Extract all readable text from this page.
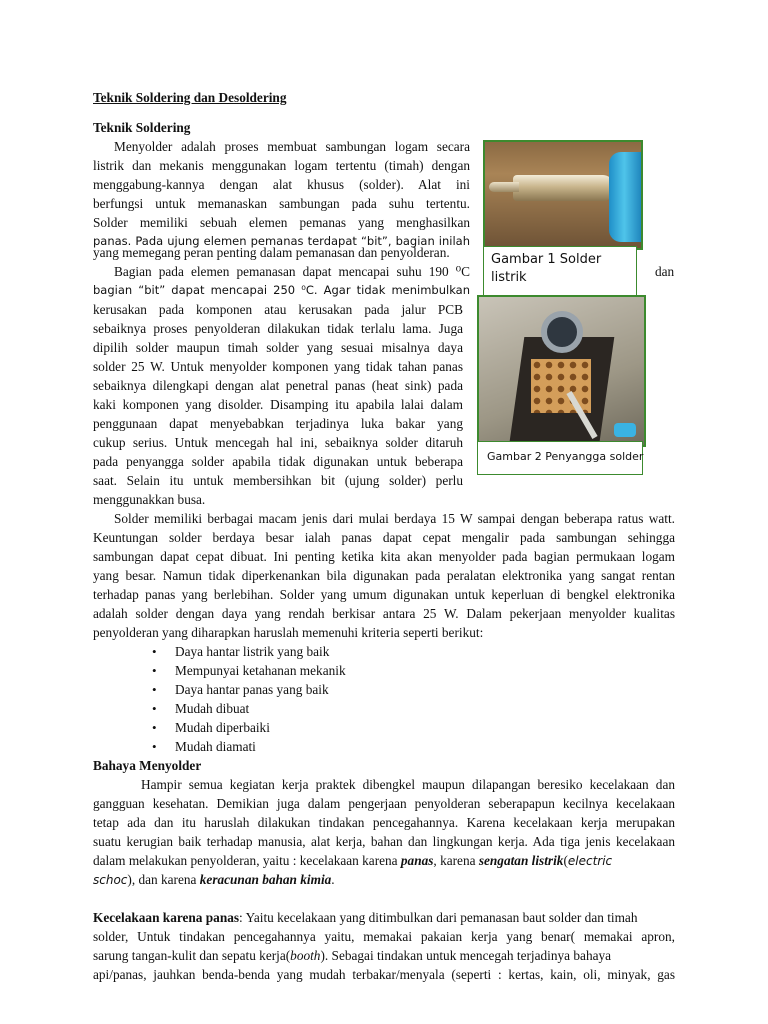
Teknik Soldering dan Desoldering
Teknik Soldering
Menyolder adalah proses membuat sambungan logam secara
listrik dan mekanis menggunakan logam tertentu (timah) dengan
menggabung-kannya dengan alat khusus (solder). Alat ini
berfungsi untuk memanaskan sambungan pada suhu tertentu.
Solder memiliki sebuah elemen pemanas yang menghasilkan
panas. Pada ujung elemen pemanas terdapat “bit”, bagian inilah
yang memegang peran penting dalam pemanasan dan penyolderan.
Bagian pada elemen pemanasan dapat mencapai suhu 190 ⁰C	dan
bagian “bit” dapat mencapai 250 ⁰C. Agar tidak menimbulkan
kerusakan pada komponen atau kerusakan pada jalur PCB
sebaiknya proses penyolderan dilakukan tidak terlalu lama. Juga
dipilih solder maupun timah solder yang sesuai misalnya daya
solder 25 W. Untuk menyolder komponen yang tidak tahan panas
sebaiknya dilengkapi dengan alat penetral panas (heat sink) pada
kaki komponen yang disolder. Disamping itu apabila lalai dalam
penggunaan dapat menyebabkan terjadinya luka bakar yang
cukup serius. Untuk mencegah hal ini, sebaiknya solder ditaruh
pada penyangga solder apabila tidak digunakan untuk beberapa
saat. Selain itu untuk membersihkan bit (ujung solder) perlu
menggunakkan busa.
Gambar 1 Solder listrik
Gambar 2 Penyangga solder
Solder memiliki berbagai macam jenis dari mulai berdaya 15 W sampai dengan beberapa ratus watt.
Keuntungan solder berdaya besar ialah panas dapat cepat mengalir pada sambungan sehingga
sambungan dapat cepat dibuat. Ini penting ketika kita akan menyolder pada bagian permukaan logam
yang besar. Namun tidak diperkenankan bila digunakan pada peralatan elektronika yang sangat rentan
terhadap panas yang berlebihan. Solder yang umum digunakan untuk keperluan di bengkel elektronika
adalah solder dengan daya yang rendah berkisar antara 25 W. Dalam pekerjaan menyolder kualitas
penyolderan yang diharapkan haruslah memenuhi kriteria seperti berikut:
• Daya hantar listrik yang baik
• Mempunyai ketahanan mekanik
• Daya hantar panas yang baik
• Mudah dibuat
• Mudah diperbaiki
• Mudah diamati
Bahaya Menyolder
Hampir semua kegiatan kerja praktek dibengkel maupun dilapangan beresiko kecelakaan dan
gangguan kesehatan. Demikian juga dalam pengerjaan penyolderan seberapapun kecilnya kecelakaan
tetap ada dan itu haruslah dilakukan tindakan pencegahannya. Karena kecelakaan kerja merupakan
suatu kerugian baik terhadap manusia, alat kerja, bahan dan lingkungan kerja. Ada tiga jenis kecelakaan
dalam melakukan penyolderan, yaitu : kecelakaan karena panas, karena sengatan listrik(electric
schoc), dan karena keracunan bahan kimia.
Kecelakaan karena panas: Yaitu kecelakaan yang ditimbulkan dari pemanasan baut solder dan timah
solder, Untuk tindakan pencegahannya yaitu, memakai pakaian kerja yang benar( memakai apron,
sarung tangan-kulit dan sepatu kerja(booth). Sebagai tindakan untuk mencegah terjadinya bahaya
api/panas, jauhkan benda-benda yang mudah terbakar/menyala (seperti : kertas, kain, oli, minyak, gas
